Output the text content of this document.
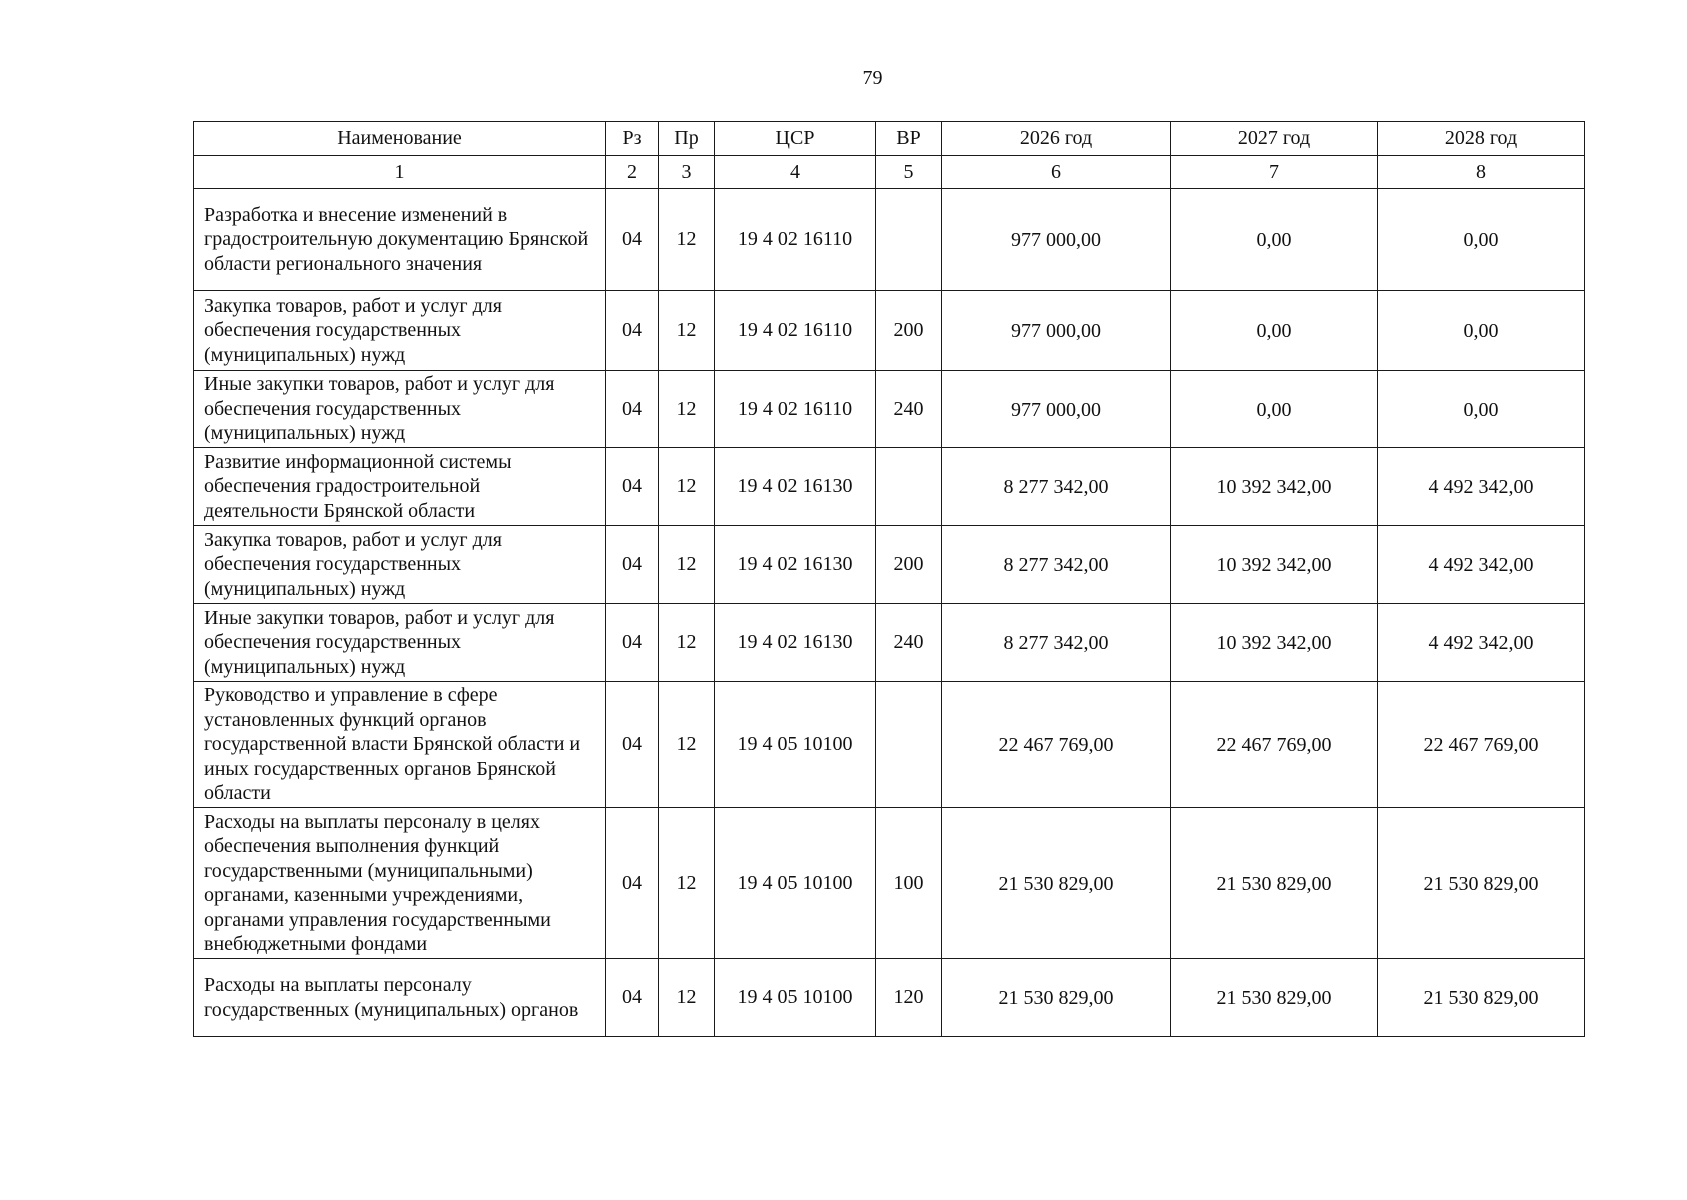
79
Наименование	Рз	Пр	ЦСР	ВР	2026 год	2027 год	2028 год
1	2	3	4	5	6	7	8
Разработка и внесение изменений в градостроительную документацию Брянской области регионального значения	04	12	19 4 02 16110		977 000,00	0,00	0,00
Закупка товаров, работ и услуг для обеспечения государственных (муниципальных) нужд	04	12	19 4 02 16110	200	977 000,00	0,00	0,00
Иные закупки товаров, работ и услуг для обеспечения государственных (муниципальных) нужд	04	12	19 4 02 16110	240	977 000,00	0,00	0,00
Развитие информационной системы обеспечения градостроительной деятельности Брянской области	04	12	19 4 02 16130		8 277 342,00	10 392 342,00	4 492 342,00
Закупка товаров, работ и услуг для обеспечения государственных (муниципальных) нужд	04	12	19 4 02 16130	200	8 277 342,00	10 392 342,00	4 492 342,00
Иные закупки товаров, работ и услуг для обеспечения государственных (муниципальных) нужд	04	12	19 4 02 16130	240	8 277 342,00	10 392 342,00	4 492 342,00
Руководство и управление в сфере установленных функций органов государственной власти Брянской области и иных государственных органов Брянской области	04	12	19 4 05 10100		22 467 769,00	22 467 769,00	22 467 769,00
Расходы на выплаты персоналу в целях обеспечения выполнения функций государственными (муниципальными) органами, казенными учреждениями, органами управления государственными внебюджетными фондами	04	12	19 4 05 10100	100	21 530 829,00	21 530 829,00	21 530 829,00
Расходы на выплаты персоналу государственных (муниципальных) органов	04	12	19 4 05 10100	120	21 530 829,00	21 530 829,00	21 530 829,00
